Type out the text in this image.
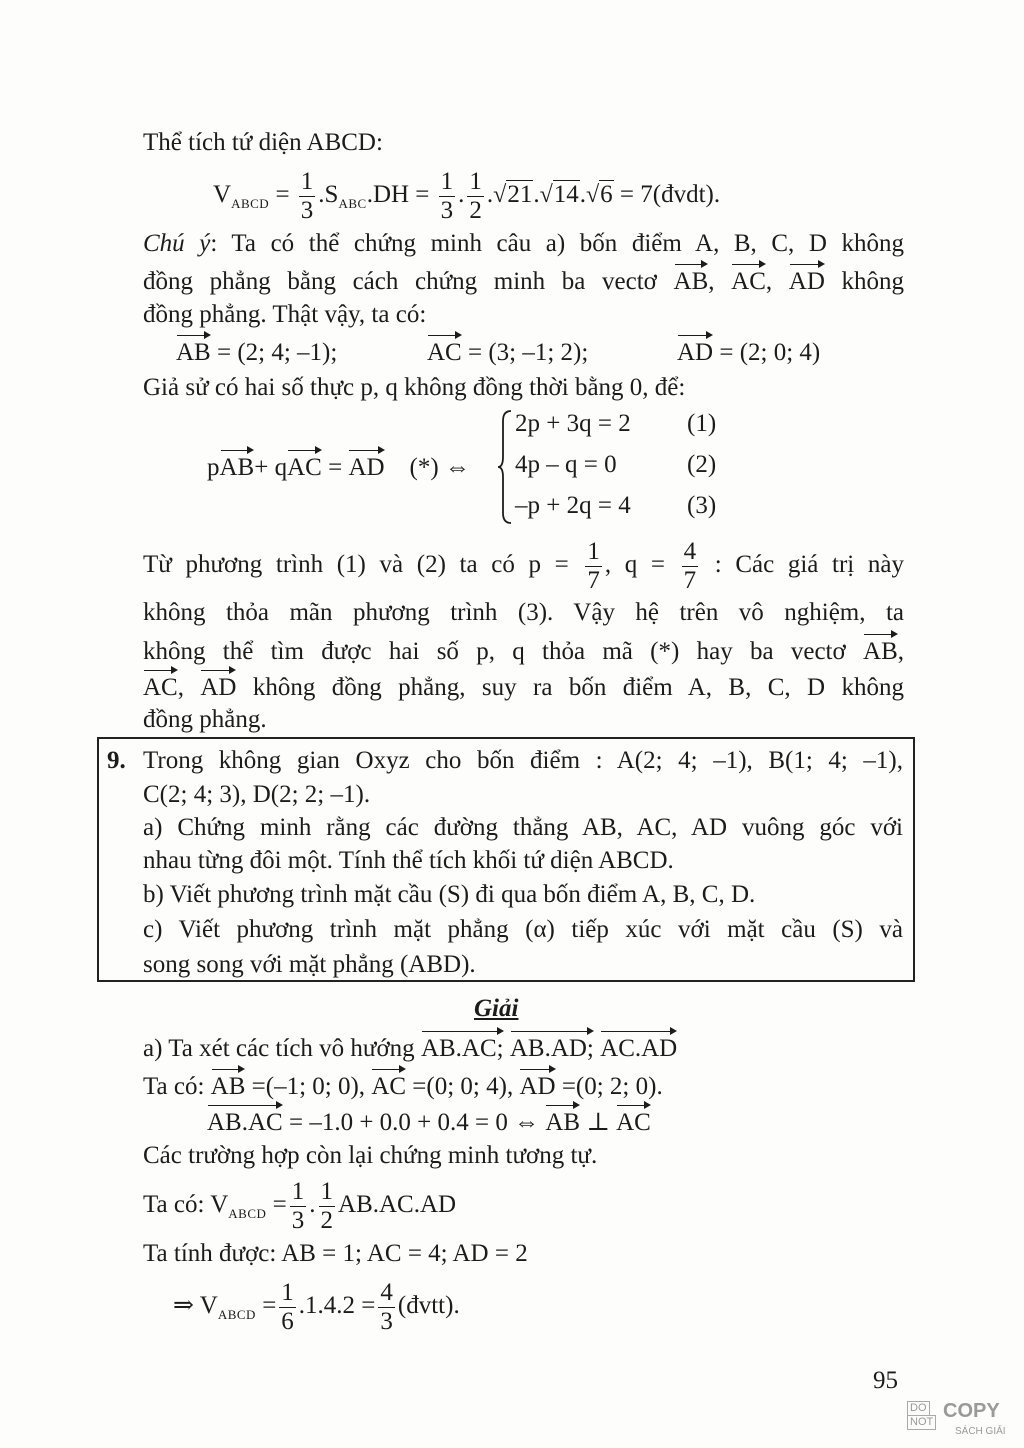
Thể tích tứ diện ABCD:
$V_{ABCD} = \frac{1}{3} .S_{ABC}.DH = \frac{1}{3}$ . $\frac{1}{2} .√21.√14.√6$ = 7(đvdt).
Chú ý: Ta có thể chứng minh câu a) bốn điểm A, B, C, D không
đồng phẳng bằng cách chứng minh ba vectơ AB, AC, AD không
đồng phẳng. Thật vậy, ta có:
AB = (2; 4; –1);	AC = (3; –1; 2);	AD = (2; 0; 4)
Giả sử có hai số thực p, q không đồng thời bằng 0, để:
pAB+ qAC = AD (*) ⇔
2p + 3q = 2
4p – q = 0
–p + 2q = 4
(1)
(2)
(3)
Từ phương trình (1) và (2) ta có $p = \frac{1}{7}$ , $q = \frac{4}{7}$ : Các giá trị này
không thỏa mãn phương trình (3). Vậy hệ trên vô nghiệm, ta
không thể tìm được hai số p, q thỏa mã (*) hay ba vectơ AB,
AC, AD không đồng phẳng, suy ra bốn điểm A, B, C, D không
đồng phẳng.
9. Trong không gian Oxyz cho bốn điểm : A(2; 4; –1), B(1; 4; –1),
C(2; 4; 3), D(2; 2; –1).
a) Chứng minh rằng các đường thẳng AB, AC, AD vuông góc với
nhau từng đôi một. Tính thể tích khối tứ diện ABCD.
b) Viết phương trình mặt cầu (S) đi qua bốn điểm A, B, C, D.
c) Viết phương trình mặt phẳng (α) tiếp xúc với mặt cầu (S) và
song song với mặt phẳng (ABD).
Giải
a) Ta xét các tích vô hướng AB.AC; AB.AD; AC.AD
Ta có: AB =(–1; 0; 0), AC =(0; 0; 4), AD =(0; 2; 0).
AB.AC = –1.0 + 0.0 + 0.4 = 0 ⇔ AB ⊥ AC
Các trường hợp còn lại chứng minh tương tự.
Ta có: $V_{ABCD} = \frac{1}{3}$ . $\frac{1}{2} AB.AC.AD$
Ta tính được: AB = 1; AC = 4; AD = 2
⇒ $V_{ABCD} = \frac{1}{6} .1.4.2 = \frac{4}{3}$ (đvtt).
95
DO
NOT COPY
SÁCH GIẢI
